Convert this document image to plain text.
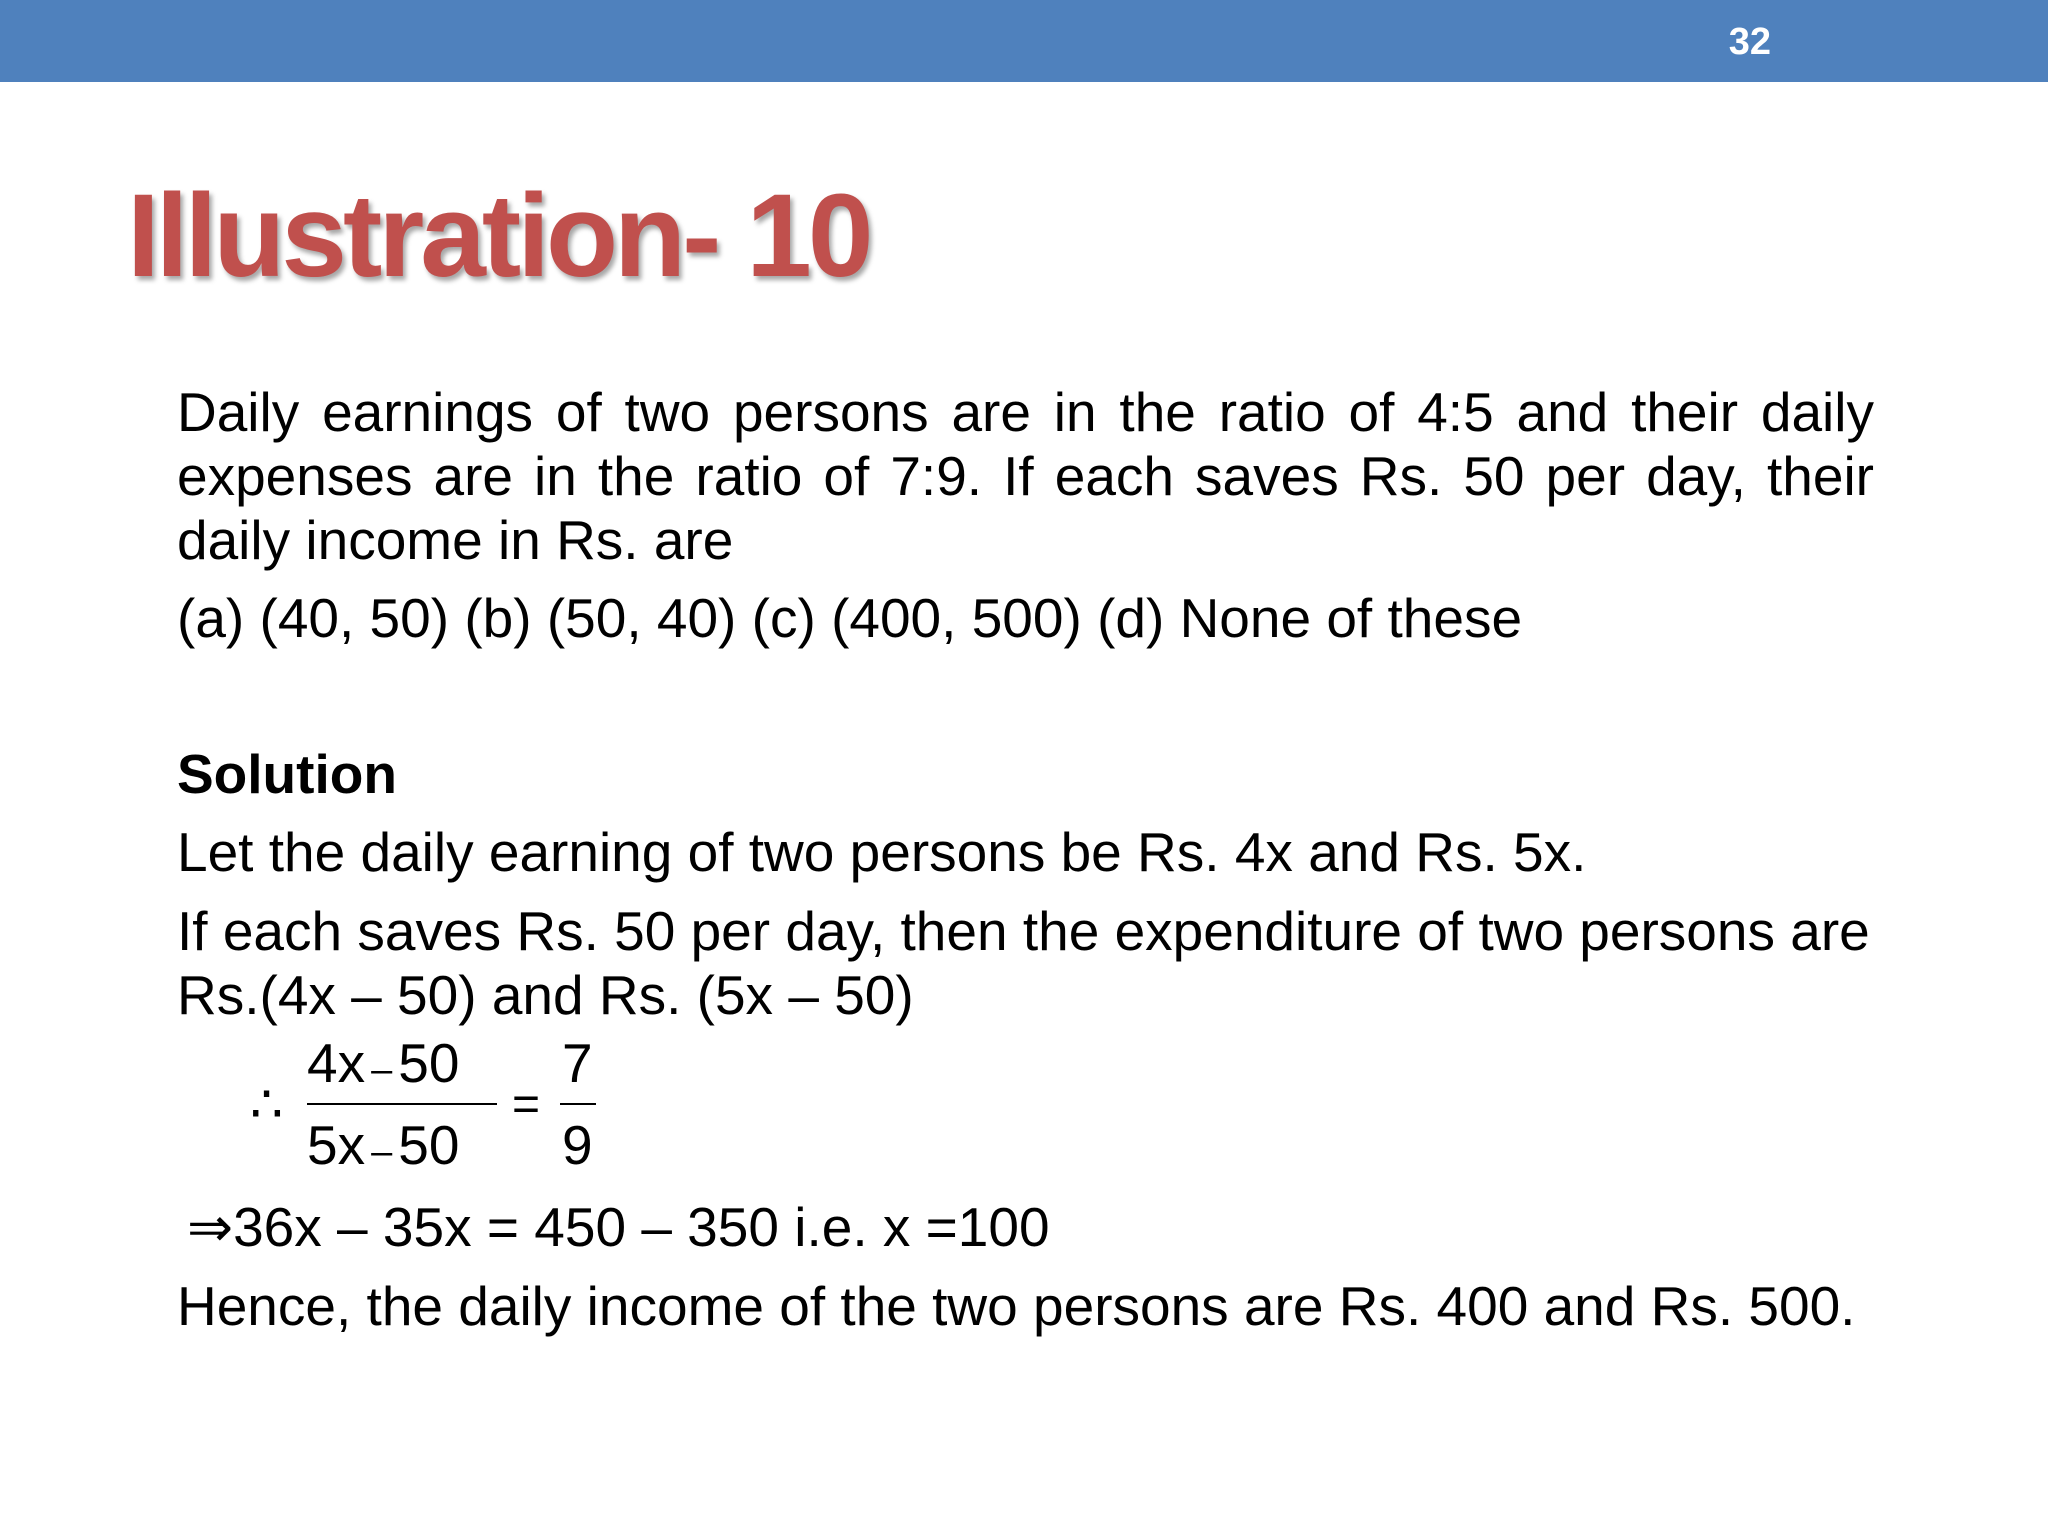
32
Illustration- 10
Daily earnings of two persons are in the ratio of 4:5 and their daily expenses are in the ratio of 7:9. If each saves Rs. 50 per day, their daily income in Rs. are
(a) (40, 50) (b) (50, 40) (c) (400, 500) (d) None of these
Solution
Let the daily earning of two persons be Rs. 4x and Rs. 5x.
If each saves Rs. 50 per day, then the expenditure of two persons are Rs.(4x – 50) and Rs. (5x – 50)
∴
4x – 50
5x – 50
=
7
9
⇒36x – 35x = 450 – 350 i.e. x =100
Hence, the daily income of the two persons are Rs. 400 and Rs. 500.
